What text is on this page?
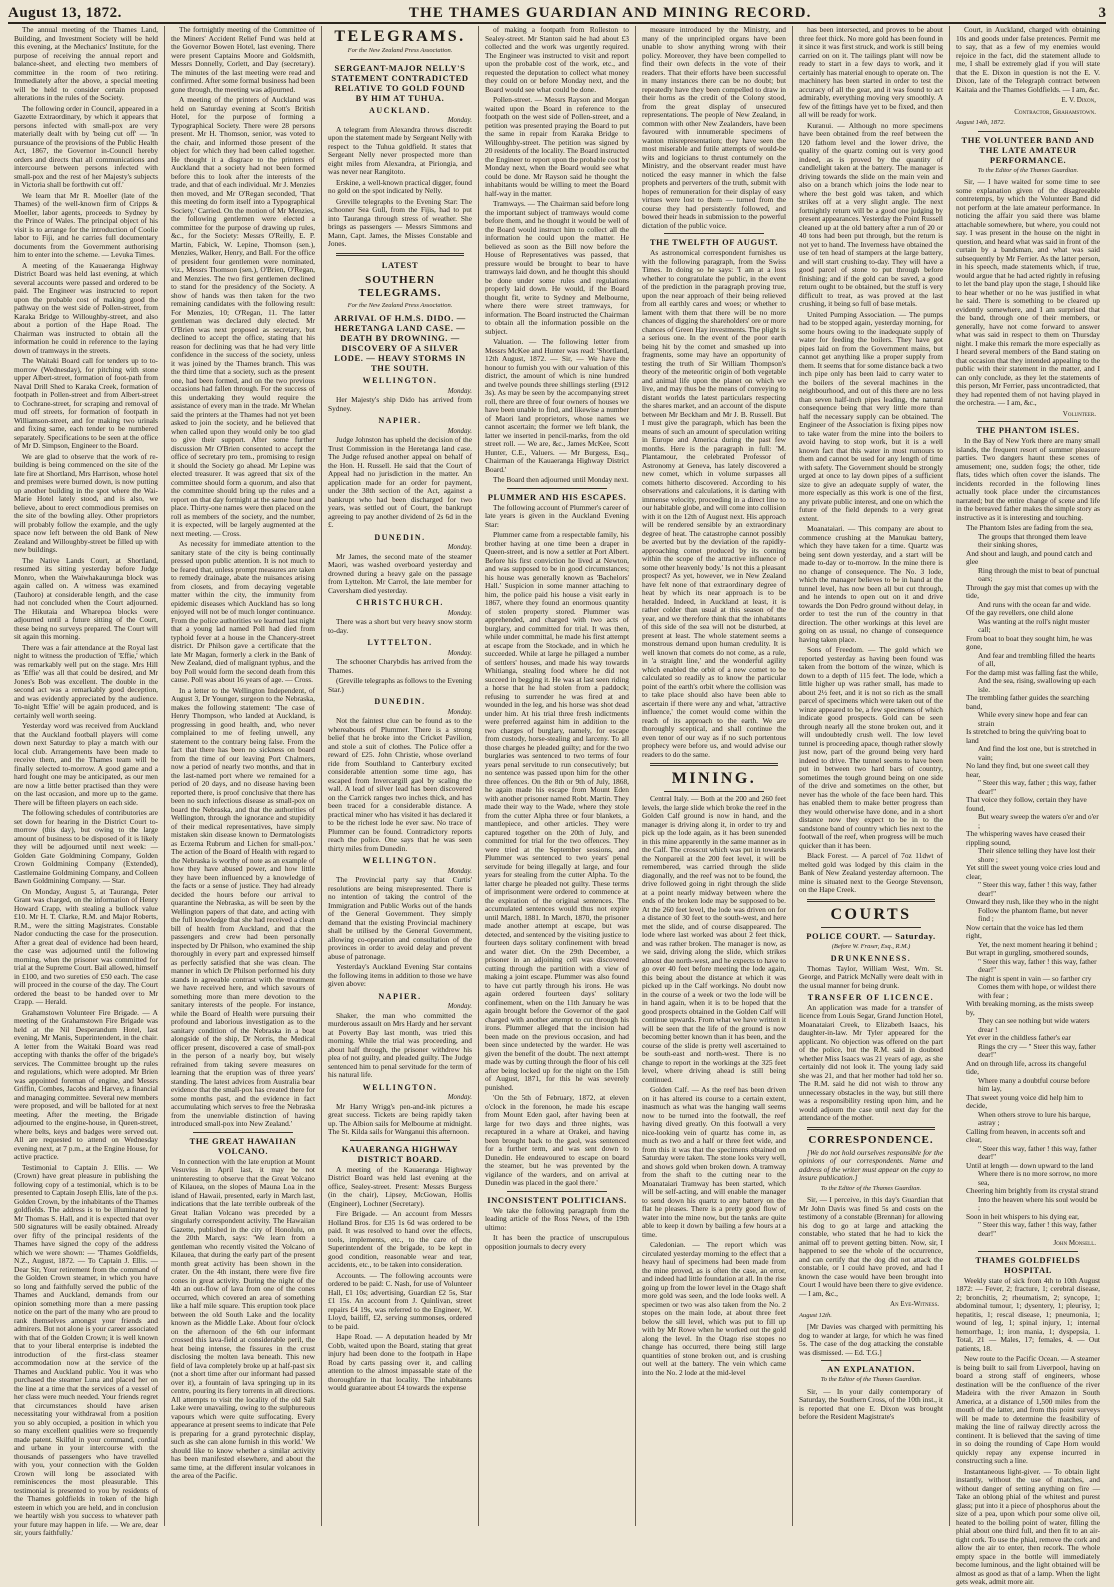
August 13, 1872.	THE THAMES GUARDIAN AND MINING RECORD.	3

The annual meeting of the Thames Land, Building, and Investment Society will be held this evening, at the Mechanics' Institute, for the purpose of receiving the annual report and balance-sheet, and electing two members of committee in the room of two retiring. Immediately after the above, a special meeting will be held to consider certain proposed alterations in the rules of the Society.

The following order in Council, appeared in a Gazette Extraordinary, by which it appears that persons infected with small-pox are very materially dealt with by 'being cut off' — 'In pursuance of the provisions of the Public Health Act, 1867, the Governor in-Council hereby orders and directs that all communications and intercourse between persons infected with small-pox and the rest of her Majesty's subjects in Victoria shall be forthwith cut off.'

We learn that Mr R. Moeller (late of the Thames) of the well-known firm of Cripps & Moeller, labor agents, proceeds to Sydney by the Prince of Wales. The principal object of his visit is to arrange for the introduction of Coolie labor to Fiji, and he carries full documentary documents from the Government authorising him to enter into the scheme. — Levuka Times.

A meeting of the Kauaeranga Highway District Board was held last evening, at which several accounts were passed and ordered to be paid. The Engineer was instructed to report upon the probable cost of making good the pathway on the west side of Pollen-street, from Karaka Bridge to Willoughby-street, and also about a portion of the Hape Road. The Chairman was instructed to obtain all the information he could in reference to the laying down of tramways in the streets.

The Waitaki Board call for tenders up to to-morrow (Wednesday), for pitching with stone upper Albert-street, formation of foot-path from Naval Drill Shed to Karaka Creek, formation of footpath in Pollen-street and from Albert-street to Cochrane-street, for scraping and removal of mud off streets, for formation of footpath in Williamson-street, and for making two urinals and fixing same, each tender to be numbered separately. Specifications to be seen at the office of Mr D. Simpson, Engineer to the Board.

We are glad to observe that the work of re-building is being commenced on the site of the late fire at Shortland, Mrs Harrison, whose hotel and premises were burned down, is now putting up another building in the spot where the Wai-Marie Hotel lately stood, and is also, we believe, about to erect commodious premises on the site of the bowling alley. Other proprietors will probably follow the example, and the ugly space now left between the old Bank of New Zealand and Willoughby-street be filled up with new buildings.

The Native Lands Court, at Shortland, resumed its sitting yesterday before Judge Monro, when the Waiwhakaurunga block was again called on. A witness was examined (Tauhoro) at considerable length, and the case had not concluded when the Court adjourned. The Hikutaia and Wharepoa blocks were adjourned until a future sitting of the Court, these being no surveys prepared. The Court will sit again this morning.

There was a fair attendance at the Royal last night to witness the production of 'Effie,' which was remarkably well put on the stage. Mrs Hill as 'Effie' was all that could be desired, and Mr Jones's Bob was excellent. The double in the second act was a remarkably good deception, and was evidently appreciated by the audience. To-night 'Effie' will be again produced, and is certainly well worth seeing.

Yesterday word was received from Auckland that the Auckland football players will come down next Saturday to play a match with our local club. Arrangements have been made to receive them, and the Thames team will be finally selected to-morrow. A good game and a hard fought one may be anticipated, as our men are now a little better practised than they were on the last occasion, and more up to the game. There will be fifteen players on each side.

The following schedules of contributories are set down for hearing in the District Court to-morrow (this day), but owing to the large amount of business to be disposed of it is likely they will be adjourned until next week: — Golden Gate Goldmining Company, Golden Crown Goldmining Company (Extended), Castlemaine Goldmining Company, and Colleen Bawn Goldmining Company. — Star.

On Monday, August 5, at Tauranga, Peter Grant was charged, on the information of Henry Howard Crapp, with stealing a bullock value £10. Mr H. T. Clarke, R.M. and Major Roberts, R.M., were the sitting Magistrates. Constable Nador conducting the case for the prosecution. After a great deal of evidence had been heard, the case was adjourned until the following morning, when the prisoner was committed for trial at the Supreme Court. Bail allowed, himself in £100, and two sureties of £50 each. The case will proceed in the course of the day. The Court ordered the beast to be handed over to Mr Crapp. — Herald.

Grahamstown Volunteer Fire Brigade. — A meeting of the Grahamstown Fire Brigade was held at the Nil Desperandum Hotel, last evening, Mr Manis, Superintendent, in the chair. A letter from the Waitaki Board was read accepting with thanks the offer of the brigade's services. The Committee brought up the rules and regulations, which were adopted. Mr Brien was appointed foreman of engine, and Messrs Griffin, Combes, Jacobs and Harvey, a financial and managing committee. Several new members were proposed, and will be balloted for at next meeting. After the meeting, the Brigade adjourned to the engine-house, in Queen-street, where belts, keys and badges were served out. All are requested to attend on Wednesday evening next, at 7 p.m., at the Engine House, for active practice.

Testimonial to Captain J. Ellis. — We (Crown) have great pleasure in publishing the following copy of a testimonial, which is to be presented to Captain Joseph Ellis, late of the p.s. Golden Crown, by the inhabitants of the Thames goldfields. The address is to be illuminated by Mr Thomas S. Hall, and it is expected that over 500 signatures will be easily obtained. Already over fifty of the principal residents of the Thames have signed the copy of the address which we were shown: — 'Thames Goldfields, N.Z., August, 1872. — To Captain J. Ellis. — Dear Sir, Your retirement from the command of the Golden Crown steamer, in which you have so long and faithfully served the public of the Thames and Auckland, demands from our opinion something more than a mere passing notice on the part of the many who are proud to rank themselves amongst your friends and admirers. But not alone is your career associated with that of the Golden Crown; it is well known that to your liberal enterprise is indebted the introduction of the first-class steamer accommodation now at the service of the Thames and Auckland public. You it was who purchased the steamer Luna and placed her on the line at a time that the services of a vessel of her class were much needed. Your friends regret that circumstances should have arisen necessitating your withdrawal from a position you so ably occupied, a position in which you so many excellent qualities were so frequently made patent. Skilful in your command, cordial and urbane in your intercourse with the thousands of passengers who have travelled with you, your connection with the Golden Crown will long be associated with reminiscences the most pleasurable. This testimonial is presented to you by residents of the Thames goldfields in token of the high esteem in which you are held, and in conclusion we heartily wish you success to whatever path your future may happen in life. — We are, dear sir, yours faithfully.'

The fortnightly meeting of the Committee of the Miners' Accident Relief Fund was held at the Governor Bowen Hotel, last evening. There were present Captains Moore and Goldsmith, Messrs Donnelly, Corlett, and Day (secretary). The minutes of the last meeting were read and confirmed. After some formal business had been gone through, the meeting was adjourned.

A meeting of the printers of Auckland was held on Saturday evening at Scott's British Hotel, for the purpose of forming a Typographical Society. There were 28 persons present. Mr H. Thomson, senior, was voted to the chair, and informed those present of the object for which they had been called together. He thought it a disgrace to the printers of Auckland that a society had not been formed before this to look after the interests of the trade, and that of each individual. Mr J. Menzies then moved, and Mr O'Regan seconded, 'That this meeting do form itself into a Typographical Society.' Carried. On the motion of Mr Menzies, the following gentlemen were elected a committee for the purpose of drawing up rules, &c., for the Society: Messrs O'Reilly, E. P. Martin, Fabick, W. Lepine, Thomson (sen.), Menzies, Walker, Henry, and Ball. For the office of president four gentlemen were nominated, viz., Messrs Thomson (sen.), O'Brien, O'Regan, and Menzies. The two first gentlemen declined to stand for the presidency of the Society. A show of hands was then taken for the two remaining candidates with the following result: For Menzies, 10; O'Regan, 11. The latter gentleman was declared duly elected. Mr O'Brien was next proposed as secretary, but declined to accept the office, stating that his reason for declining was that he had very little confidence in the success of the society, unless it was joined by the Thames branch. This was the third time that a society, such as the present one, had been formed, and on the two previous occasions had fallen through. For the success of this undertaking they would require the assistance of every man in the trade. Mr Whelan said the printers at the Thames had not yet been asked to join the society, and he believed that when called upon they would only be too glad to give their support. After some further discussion Mr O'Brien consented to accept the office of secretary pro tem., promising to resign it should the Society go ahead. Mr Lepine was elected treasurer. It was agreed that six of the committee should form a quorum, and also that the committee should bring up the rules and a report on that day fortnight at the same hour and place. Thirty-one names were then placed on the roll as members of the society, and the number, it is expected, will be largely augmented at the next meeting. — Cross.

As necessity for immediate attention to the sanitary state of the city is being continually pressed upon public attention. It is not much to be feared that, unless prompt measures are taken to remedy drainage, abate the nuisances arising from closets, and from decaying vegetable matter within the city, the immunity from epidemic diseases which Auckland has so long enjoyed will not be of much longer continuance. From the police authorities we learned last night that a young lad named Poll had died from typhoid fever at a house in the Chancery-street district. Dr Philson gave a certificate that the late Mr Magan, formerly a clerk in the Bank of New Zealand, died of malignant typhus, and the boy Poll would form the second death from this cause. Poll was about 16 years of age. — Cross.

In a letter to the Wellington Independent, of August 3, Dr Younger, surgeon to the Nebraska, makes the following statement: 'The case of Henry Thompson, who landed at Auckland, is progressing in good health, and, who never complained to me of feeling unwell, any statement to the contrary being false. From the fact that there has been no sickness on board from the time of our leaving Port Chalmers, now a period of nearly two months, and that in the last-named port where we remained for a period of 20 days, and no disease having been reported there, is proof conclusive that there has been no such infectious disease as small-pox on board the Nebraska, and that the authorities of Wellington, through the ignorance and stupidity of their medical representatives, have simply mistaken skin disease known to Dermatologists as Eczema Rubrum and Lichen for small-pox.' The action of the Board of Health with regard to the Nebraska is worthy of note as an example of how they have abused power, and how little they have been influenced by a knowledge of the facts or a sense of justice. They had already decided the hours before our arrival to quarantine the Nebraska, as will be seen by the Wellington papers of that date, and acting with the full knowledge that she had received a clean bill of health from Auckland, and that the passengers and crew had been personally inspected by Dr Philson, who examined the ship thoroughly in every part and expressed himself as perfectly satisfied that she was clean. The manner in which Dr Philson performed his duty stands in agreeable contrast with the treatment we have received here, and which savours of something more than mere devotion to the sanitary interests of the people. For instance, while the Board of Health were pursuing their profound and laborious investigation as to the sanitary condition of the Nebraska in a boat alongside of the ship, Dr Norris, the Medical officer present, discovered a case of small-pox in the person of a nearly boy, but wisely refrained from taking severe measures on learning that the eruption was of three years' standing. The latest advices from Australia bear evidence that the small-pox has created there for some months past, and the evidence in fact accumulating which serves to free the Nebraska from the unenviable distinction of having introduced small-pox into New Zealand.'

THE GREAT HAWAIIAN VOLCANO.

In connection with the late eruption at Mount Vesuvius in April last, it may be not uninteresting to observe that the Great Volcano of Kilauea, on the slopes of Mauna Loa in the island of Hawaii, presented, early in March last, indications that the late terrible outbreak of the Great Italian Volcano was preceded by a singularly correspondent activity. The Hawaiian Gazette, published in the city of Honolulu, on the 20th March, says: 'We learn from a gentleman who recently visited the Volcano of Kilauea, that during the early part of the present month great activity has been shown in the crater. On the 4th instant, there were five fire cones in great activity. During the night of the 4th an out-flow of lava from one of the cones occurred, which covered an area of something like a half mile square. This eruption took place between the old South Lake and the locality known as the Middle Lake. About four o'clock on the afternoon of the 6th our informant crossed this lava-field at considerable peril, the heat being intense, the fissures in the crust disclosing the molten lava beneath. This new field of lava completely broke up at half-past six (not a short time after our informant had passed over it), a fountain of lava springing up in its centre, pouring its fiery torrents in all directions. All attempts to visit the locality of the old Salt Lake were unavailing, owing to the sulphureous vapours which were quite suffocating. Every appearance at present seems to indicate that Pele is preparing for a grand pyrotechnic display, such as she can alone furnish in this world.' We should like to know whether a similar activity has been manifested elsewhere, and about the same time, at the different insular volcanoes in the area of the Pacific.

TELEGRAMS.
For the New Zealand Press Association.
SERGEANT-MAJOR NELLY'S STATEMENT CONTRADICTED RELATIVE TO GOLD FOUND BY HIM AT TUHUA.
AUCKLAND.
Monday.

A telegram from Alexandra throws discredit upon the statement made by Sergeant Nelly with respect to the Tuhua goldfield. It states that Sergeant Nelly never prospected more than eight miles from Alexandra, at Piriongia, and was never near Rangitoto.

Erskine, a well-known practical digger, found no gold on the spot indicated by Nelly.

Greville telegraphs to the Evening Star: The schooner Sea Gull, from the Fijis, had to put into Tauranga through stress of weather. She brings as passengers — Messrs Simmons and Mann, Capt. James, the Misses Constable and Jones.

LATEST
SOUTHERN TELEGRAMS.
For the New Zealand Press Association.
ARRIVAL OF H.M.S. DIDO. — HERETANGA LAND CASE. — DEATH BY DROWNING. — DISCOVERY OF A SILVER LODE. — HEAVY STORMS IN THE SOUTH.
WELLINGTON.
Monday.

Her Majesty's ship Dido has arrived from Sydney.

NAPIER.
Monday.

Judge Johnston has upheld the decision of the Trust Commission in the Heretanga land case. The Judge refused another appeal on behalf of the Hon. H. Russell. He said that the Court of Appeal had no jurisdiction in the matter. An application made for an order for payment, under the 38th section of the Act, against a bankrupt who had been discharged for two years, was settled out of Court, the bankrupt agreeing to pay another dividend of 2s 6d in the £.

DUNEDIN.
Monday.

Mr James, the second mate of the steamer Maori, was washed overboard yesterday and drowned during a heavy gale on the passage from Lyttelton. Mr Carrol, the late member for Caversham died yesterday.

CHRISTCHURCH.
Monday.

There was a short but very heavy snow storm to-day.

LYTTELTON.
Monday.

The schooner Charybdis has arrived from the Thames.

(Greville telegraphs as follows to the Evening Star.)

DUNEDIN.
Monday.

Not the faintest clue can be found as to the whereabouts of Plummer. There is a strong belief that he broke into the Cricket Pavilion, and stole a suit of clothes. The Police offer a reward of £25. John Christie, whose overland ride from Southland to Canterbury excited considerable attention some time ago, has escaped from Invercargill gaol by scaling the wall. A lead of silver lead has been discovered on the Carrick ranges two inches thick, and has been traced for a considerable distance. A practical miner who has visited it has declared it to be the richest lode he ever saw. No trace of Plummer can be found. Contradictory reports reach the police. One says that he was seen thirty miles from Dunedin.

WELLINGTON.
Monday.

The Provincial party say that Curtis' resolutions are being misrepresented. There is no intention of taking the control of the Immigration and Public Works out of the hands of the General Government. They simply demand that the existing Provincial machinery shall be utilised by the General Government, allowing co-operation and consultation of the provinces in order to avoid delay and prevent abuse of patronage.

Yesterday's Auckland Evening Star contains the following items in addition to those we have given above:

NAPIER.
Monday.

Shaker, the man who committed the murderous assault on Mrs Hardy and her servant at Poverty Bay last month, was tried this morning. While the trial was proceeding, and about half through, the prisoner withdrew his plea of not guilty, and pleaded guilty. The Judge sentenced him to penal servitude for the term of his natural life.

WELLINGTON.
Monday.

Mr Harry Wrigg's pen-and-ink pictures a great success. Tickets are being rapidly taken up. The Albion sails for Melbourne at midnight. The St. Kilda sails for Wanganui this afternoon.

KAUAERANGA HIGHWAY DISTRICT BOARD.

A meeting of the Kauaeranga Highway District Board was held last evening at the office, Sealey-street. Present: Messrs Burgess (in the chair), Lipsey, McGowan, Hollis (Engineer), Lochner (Secretary).

Fire Brigade. — An account from Messrs Holland Bros. for £35 1s 6d was ordered to be paid. It was resolved to hand over the effects, tools, implements, etc., to the care of the Superintendent of the brigade, to be kept in good condition, reasonable wear and tear, accidents, etc., to be taken into consideration.

Accounts. — The following accounts were ordered to be paid: C. Nash, for use of Volunteer Hall, £1 10s; advertising, Guardian £2 5s, Star £1 15s. An account from J. Quinlivan, street repairs £4 19s, was referred to the Engineer, W. Lloyd, bailiff, £2, serving summonses, ordered to be paid.

Hape Road. — A deputation headed by Mr Cobb, waited upon the Board, stating that great injury had been done to the footpath in Hape Road by carts passing over it, and calling attention to the almost impassable state of the thoroughfare in that locality. The inhabitants would guarantee about £4 towards the expense

of making a footpath from Rolleston to Sealey-street. Mr Stanton said he had about £3 collected and the work was urgently required. The Engineer was instructed to visit and report upon the probable cost of the work, etc., and requested the deputation to collect what money they could on or before Monday next, and the Board would see what could be done.

Pollen-street. — Messrs Rayson and Morgan waited upon the Board in reference to the footpath on the west side of Pollen-street, and a petition was presented praying the Board to put the same in repair from Karaka Bridge to Willoughby-street. The petition was signed by 20 residents of the locality. The Board instructed the Engineer to report upon the probable cost by Monday next, when the Board would see what could be done. Mr Rayson said he thought the inhabitants would be willing to meet the Board half-way in the matter.

Tramways. — The Chairman said before long the important subject of tramways would come before them, and he thought it would be well of the Board would instruct him to collect all the information he could upon the matter. He believed as soon as the Bill now before the House of Representatives was passed, that pressure would be brought to bear to have tramways laid down, and he thought this should be done under some rules and regulations properly laid down. He would, if the Board thought fit, write to Sydney and Melbourne, where there were street tramways, for information. The Board instructed the Chairman to obtain all the information possible on the subject.

Valuation. — The following letter from Messrs McKee and Hunter was read: 'Shortland, 12th August, 1872. — Sir, — We have the honour to furnish you with our valuation of this district, the amount of which is nine hundred and twelve pounds three shillings sterling (£912 3s). As may be seen by the accompanying street roll, there are three of four owners of houses we have been unable to find, and likewise a number of Maori land proprietors, whose names we cannot ascertain; the former we left blank, the latter we inserted in pencil-marks, from the old street roll. — We are, &c., James McKee, Scott Hunter, C.E., Valuers. — Mr Burgess, Esq., Chairman of the Kauaeranga Highway District Board.'

The Board then adjourned until Monday next.

PLUMMER AND HIS ESCAPES.

The following account of Plummer's career of late years is given in the Auckland Evening Star:

Plummer came from a respectable family, his brother having at one time been a draper in Queen-street, and is now a settler at Port Albert. Before his first conviction he lived at Newton, and was supposed to be in good circumstances; his house was generally known as 'Bachelors' Hall.' Suspicion in some manner attaching to him, the police paid his house a visit early in 1867, where they found an enormous quantity of stolen property stored. Plummer was apprehended, and charged with two acts of burglary, and committed for trial. It was then, while under committal, he made his first attempt at escape from the Stockade, and in which he succeeded. While at large he pillaged a number of settlers' houses, and made his way towards Whitianga, stealing food where he did not succeed in begging it. He was at last seen riding a horse that he had stolen from a paddock; refusing to surrender he was fired at and wounded in the leg, and his horse was shot dead under him. At his trial three fresh indictments were preferred against him in addition to the two charges of burglary, namely, for escape from custody, horse-stealing and larceny. To all those charges he pleaded guilty; and for the two burglaries was sentenced to two terms of four years penal servitude to run consecutively; but no sentence was passed upon him for the other three offences. On the 8th or 9th of July, 1868, he again made his escape from Mount Eden with another prisoner named Robt. Martin. They made their way to the Wade, where they stole from the cutter Alpha three or four blankets, a mantlepiece, and other articles. They were captured together on the 20th of July, and committed for trial for the two offences. They were tried at the September sessions, and Plummer was sentenced to two years' penal servitude for being illegally at large, and four years for stealing from the cutter Alpha. To the latter charge he pleaded not guilty. These terms of imprisonment were ordered to commence at the expiration of the original sentences. The accumulated sentences would thus not expire until March, 1881. In March, 1870, the prisoner made another attempt at escape, but was detected, and sentenced by the visiting justice to fourteen days solitary confinement with bread and water diet. On the 29th December, a prisoner in an adjoining cell was discovered cutting through the partition with a view of making a joint escape. Plummer was also found to have cut partly through his irons. He was again ordered fourteen days' solitary confinement, when on the 11th January he was again brought before the Governor of the gaol charged with another attempt to cut through his irons. Plummer alleged that the incision had been made on the previous occasion, and had been since undetected by the warder. He was given the benefit of the doubt. The next attempt made was by cutting through the floor of his cell after being locked up for the night on the 15th of August, 1871, for this he was severely punished.

'On the 5th of February, 1872, at eleven o'clock in the forenoon, he made his escape from Mount Eden gaol, after having been at large for two days and three nights, was recaptured in a whare at Orakei, and having been brought back to the gaol, was sentenced for a further term, and was sent down to Dunedin. He endeavoured to escape on board the steamer, but he was prevented by the vigilance of the warders, and on arrival at Dunedin was placed in the gaol there.'

INCONSISTENT POLITICIANS.

We take the following paragraph from the leading article of the Ross News, of the 19th ultimo:

It has been the practice of unscrupulous opposition journals to decry every

measure introduced by the Ministry, and many of the unprincipled organs have been unable to show anything wrong with their policy. Moreover, they have been compelled to find their own defects in the vote of their readers. That their efforts have been successful in many instances there can be no doubt; but repeatedly have they been compelled to draw in their horns as the credit of the Colony stood, from the great display of unsecured representations. The people of New Zealand, in common with other New Zealanders, have been favoured with innumerable specimens of wanton misrepresentation; they have seen the most miserable and futile attempts of would-be wits and logicians to thrust contumely on the Ministry, and the observant reader must have noticed the easy manner in which the false prophets and perverters of the truth, submit with hopes of remuneration for their display of easy virtues were lost to them — turned from the course they had persistently followed, and bowed their heads in submission to the powerful dictation of the public voice.

THE TWELFTH OF AUGUST.

As astronomical correspondent furnishes us with the following paragraph, from the Swiss Times. In doing so he says: 'I am at a loss whether to congratulate the public, in the event of the prediction in the paragraph proving true, upon the near approach of their being relieved from all earthly cares and woes; or whether to lament with them that there will be no more chances of digging the shareholders' ore or more chances of Green Hay investments. The plight is a serious one. In the event of the poor earth being hit by the comet and smashed up into fragments, some may have an opportunity of testing the truth of Sir William Thompson's theory of the meteoritic origin of both vegetable and animal life upon the planet on which we live, and may thus be the means of conveying to distant worlds the latest particulars respecting the shares market, and an account of the dispute between Mr Beckham and Mr J. B. Russell. But I must give the paragraph, which has been the means of such an amount of speculation writing in Europe and America during the past few months. Here is the paragraph in full: 'M. Plantamour, the celebrated Professor of Astronomy at Geneva, has lately discovered a new comet, which in volume surpasses all comets hitherto discovered. According to his observations and calculations, it is darting with immense velocity, proceeding in a direct line to our habitable globe, and will come into collision with it on the 12th of August next. His approach will be rendered sensible by an extraordinary degree of heat. The catastrophe cannot possibly be averted but by the deviation of the rapidly-approaching comet produced by its coming within the scope of the attractive influence of some other heavenly body.' Is not this a pleasant prospect? As yet, however, we in New Zealand have felt none of that extraordinary degree of heat by which its near approach is to be heralded. Indeed, in Auckland at least, it is rather colder than usual at this season of the year, and we therefore think that the inhabitants of this side of the sea will not be disturbed, at present at least. The whole statement seems a monstrous demand upon human credulity. It is well known that comets do not come, as a rule, in 'a straight line,' and the wonderful agility which enabled the orbit of a new comet to be calculated so readily as to know the particular point of the earth's orbit where the collision was to take place should also have been able to ascertain if there were any and what, 'attractive influence,' the comet would come within the reach of its approach to the earth. We are thoroughly sceptical, and shall continue the even tenor of our way as if no such portentous prophecy were before us, and would advise our readers to do the same.

MINING.

Central Italy. — Both at the 200 and 260 feet levels, the large slide which broke the reef in the Golden Calf ground is now in hand, and the manager is driving along it, in order to try and pick up the lode again, as it has been sunended in this mine apparently in the same manner as in the Calf. The crosscut which was put in towards the Nonpareil at the 200 feet level, it will be remembered, was carried through the slide diagonally, and the reef was not to be found, the drive followed going in right through the slide at a point nearly midway between where the ends of the broken lode may be supposed to be. At the 260 feet level, the lode was driven on for a distance of 30 feet to the south-west, and here met the slide, and of course disappeared. The lode where last worked was about 2 feet thick, and was rather broken. The manager is now, as we said, driving along the slide, which strikes almost due north-west, and he expects to have to go over 40 feet before meeting the lode again, this being about the distance at which it was picked up in the Calf workings. No doubt now in the course of a week or two the lode will be in hand again, when it is to be hoped that the good prospects obtained in the Golden Calf will continue upwards. From what we have written it will be seen that the life of the ground is now becoming better known than it has been, and the course of the slide is pretty well ascertained to be south-east and north-west. There is no change to report in the workings at the 325 feet level, where driving ahead is still being continued.

Golden Calf. — As the reef has been driven on it has altered its course to a certain extent, inasmuch as what was the hanging wall seems now to be turned into the footwall, the reef having dived greatly. On this footwall a very nice-looking vein of quartz has come in, as much as two and a half or three feet wide, and from this it was that the specimens obtained on Saturday were taken. The stone looks very well, and shows gold when broken down. A tramway from the shaft to the cutting near to the Moanataiari Tramway has been started, which will be self-acting, and will enable the manager to send down his quartz to any battery on the flat he pleases. There is a pretty good flow of water into the mine now, but the tanks are quite able to keep it down by bailing a few hours at a time.

Caledonian. — The report which was circulated yesterday morning to the effect that a heavy haul of specimens had been made from the mine proved, as is often the case, an error, and indeed had little foundation at all. In the rise going up from the lower level in the Otago shaft more gold was seen, and the lode looks well. A specimen or two was also taken from the No. 2 stopes on the main lode, at about three feet below the sill level, which was put to fill up with by Mr Rowe when he worked out the gold along the level. In the Otago rise stopes no change has occurred, there being still large quantities of stone broken out, and is crushing out well at the battery. The vein which came into the No. 2 lode at the mid-level

has been intersected, and proves to be about three feet thick. No more gold has been found in it since it was first struck, and work is still being carried on on it. The tailings plant will now be ready to start in a few days to work, and it certainly has material enough to operate on. The machinery has been started in order to test the accuracy of all the gear, and it was found to act admirably, everything moving very smoothly. A few of the fittings have yet to be fixed, and then all will be ready for work.

Kuranui. — Although no more specimens have been obtained from the reef between the 120 fathom level and the lower drive, the quality of the quartz coming out is very good indeed, as is proved by the quantity of candlelight taken at the battery. The manager is driving towards the slide on the main vein and also on a branch which joins the lode near to where the best gold was taken, and which strikes off at a very slight angle. The next fortnightly return will be a good one judging by present appearances. Yesterday the Point Russell cleaned up at the old battery after a run of 20 or 40 tons had been put through, but the return is not yet to hand. The Inverness have obtained the use of ten head of stampers at the large battery, and will start crushing to-day. They will have a good parcel of stone to put through before finishing; and if the gold can be saved, a good return ought to be obtained, but the stuff is very difficult to treat, as was proved at the last crushing, it being so full of base metals.

United Pumping Association. — The pumps had to be stopped again, yesterday morning, for some hours owing to the inadequate supply of water for feeding the boilers. They have got pipes laid on from the Government mains, but cannot get anything like a proper supply from them. It seems that for some distance back a two inch pipe only has been laid to carry water to the boilers of the several machines in the neighbourhood, and out of this there are no less than seven half-inch pipes leading, the natural consequence being that very little more than half the necessary supply can be obtained. The Engineer of the Association is fixing pipes now to take water from the mine into the boilers to avoid having to stop work, but it is a well known fact that this water in most rumours to them and cannot be used for any length of time with safety. The Government should be strongly urged at once to lay down pipes of a sufficient size to give an adequate supply of water, the more especially as this work is one of the first, any private public interest, and one on which the future of the field depends to a very great extent.

Moanataiari. — This company are about to commence crushing at the Manukau battery, which they have taken for a time. Quartz was being sent down yesterday, and a start will be made to-day or to-morrow. In the mine there is no change of consequence. The No. 3 lode, which the manager believes to be in hand at the tunnel level, has now been all but cut through, and he intends to open out on it and drive towards the Don Pedro ground without delay, in order to test the run of the country in that direction. The other workings at this level are going on as usual, no change of consequence having taken place.

Sons of Freedom. — The gold which we reported yesterday as having been found was taken from the bottom of the winze, which is down to a depth of 115 feet. The lode, which a little higher up was rather small, has made to about 2½ feet, and it is not so rich as the small parcel of specimens which were taken out of the winze appeared to be, a few specimens of which indicate good prospects. Gold can be seen through nearly all the stone broken out, and it will undoubtedly crush well. The low level tunnel is proceeding apace, though rather slowly just now, part of the ground being very hard indeed to drive. The tunnel seems to have been put in between two hard bars of country, sometimes the tough ground being on one side of the drive and sometimes on the other, but never has the whole of the face been hard. This has enabled them to make better progress than they would otherwise have done, and in a short distance now they expect to be in to the sandstone band of country which lies next to the footwall of the reef, when progress will be much quicker than it has been.

Black Forest. — A parcel of 7oz 11dwt of melted gold was lodged by this claim in the Bank of New Zealand yesterday afternoon. The mine is situated next to the George Stevenson, on the Hape Creek.

COURTS
POLICE COURT. — Saturday.
(Before W. Fraser, Esq., R.M.)
DRUNKENNESS.

Thomas Taylor, William West, Wm. St. George, and Patrick McNally were dealt with in the usual manner for being drunk.

TRANSFER OF LICENCE.

An application was made for a transfer of licence from Louis Segar, Grand Junction Hotel, Moanataiari Creek, to Elizabeth Isaacs, his daughter-in-law. Mr Tyler appeared for the applicant. No objection was offered on the part of the police, but the R.M. said in doubted whether Miss Isaacs was 21 years of age, as she certainly did not look it. The young lady said she was 21, and that her mother had told her so. The R.M. said he did not wish to throw any unnecessary obstacles in the way, but still there was a responsibility resting upon him, and he would adjourn the case until next day for the attendance of the mother.

CORRESPONDENCE.

[We do not hold ourselves responsible for the opinions of our correspondents. Name and address of the writer must appear on the copy to insure publication.]

To the Editor of the Thames Guardian.

Sir, — I perceive, in this day's Guardian that Mr John Davis was fined 5s and costs on the testimony of a constable (Brennan) for allowing his dog to go at large and attacking the constable, who stated that he had to kick the animal off to prevent getting bitten. Now, sir, I happened to see the whole of the occurrence, and can certify that the dog did not attack the constable, or I could have proved, and had I known the case would have been brought into Court I would have been there to give evidence. — I am, &c.,

An Eye-Witness.
August 12th.

[Mr Davies was charged with permitting his dog to wander at large, for which he was fined 5s. The case of the dog attacking the constable was dismissed. — Ed. T.G.]

AN EXPLANATION.
To the Editor of the Thames Guardian.

Sir, — In your daily contemporary of Saturday, the Southern Cross, of the 10th inst., it is reported that one E. Dixon was brought before the Resident Magistrate's

Court, in Auckland, charged with obtaining 10s and goods under false pretences. Permit me to say, that as a few of my enemies would rejoice in the fact, did the statement allude to me, I shall be extremely glad if you will state that the E. Dixon in question is not the E. V. Dixon, late of the Telegraph contract between Kaitaia and the Thames Goldfields. — I am, &c.

E. V. Dixon,
Contractor, Grahamstown.
August 14th, 1872.
THE VOLUNTEER BAND AND THE LATE AMATEUR PERFORMANCE.
To the Editor of the Thames Guardian.

Sir, — I have waited for some time to see some explanation given of the disagreeable contretemps, by which the Volunteer Band did not perform at the late amateur performance. In noticing the affair you said there was blame attachable somewhere, but where, you could not say. I was present in the house on the night in question, and heard what was said in front of the curtain by a bandsman, and what was said subsequently by Mr Ferrier. As the latter person, in his speech, made statements which, if true, would argue that he had acted rightly in refusing to let the band play upon the stage, I should like to hear whether or no he was justified in what he said. There is something to be cleared up evidently somewhere, and I am surprised that the band, through one of their members, or generally, have not come forward to answer what was said in respect to them on Thursday night. I make this remark the more especially as I heard several members of the Band stating on that occasion that they intended appealing to the public with their statement in the matter, and I can only conclude, as they let the statements of this person, Mr Ferrier, pass uncontradicted, that they had repented them of not having played in the orchestra. — I am, &c.,

Volunteer.
THE PHANTOM ISLES.

In the Bay of New York there are many small islands, the frequent resort of summer pleasure parties. Two dangers haunt these scenes of amusement; one, sudden fogs; the other, tide flats, tides which often cover the islands. The incidents recorded in the following lines actually took place under the circumstances narrated; but the entire change of scene and life in the bereaved father makes the simple story as instructive as it is interesting and touching.

The Phantom Isles are fading from the sea,
The groups that thronged them leave their sinking shores,
And shout and laugh, and pound catch and glee
Ring through the mist to beat of punctual oars;
Through the gay mist that comes up with the tide,
And runs with the ocean far and wide.
Of the gay revellers, one child alone
Was wanting at the roll's night muster call;
From boat to boat they sought him, he was gone,
And fear and trembling filled the hearts of all,
For the damp mist was falling fast the while,
And the sea, rising, swallowing up each isle.
The trembling father guides the searching band,
While every sinew hope and fear can strain
Is stretched to bring the quiv'ring boat to land
And find the lost one, but is stretched in vain;
No land they find, but one sweet call they hear,
" Steer this way, father ; this way, father dear!"
That voice they follow, certain they have found,
But weary sweep the waters o'er and o'er ;
The whispering waves have ceased their rippling sound,
Their silence telling they have lost their shore ;
Yet still the sweet young voice cries loud and clear,
" Steer this way, father ! this way, father dear!"
Onward they rush, like they who in the night
Follow the phantom flame, but never find ;
Now certain that the voice has led them right,
Yet, the next moment hearing it behind ;
But wrapt in gurgling, smothered sounds,
" Steer this way, father ! this way, father dear!"
The night is spent in vain — so farther cry
Comes them with hope, or wildest there with fear ;
With breaking morning, as the mists sweep by,
They can see nothing but wide waters drear !
Yet ever in the childless father's ear
Rings the cry — " Steer this way, father dear!"
And on through life, across its changeful tide,
Where many a doubtful course before him lay,
That sweet young voice did help him to decide,
When others strove to lure his barque, astray ;
Calling from heaven, in accents soft and clear,
" Steer this way, father ! this way, father dear!"
Until at length — down upward to the land
Where there is no more sorrow, no more sea,
Cheering him brightly from its crystal strand
Into the heaven where his soul would be ;
Soon in heit whispers to his dying ear,
" Steer this way, father ! this way, father dear!"
John Monsell.
THAMES GOLDFIELDS HOSPITAL

Weekly state of sick from 4th to 10th August 1872: — Fever, 2; fracture, 1; cerebral disease, 2; bronchitis, 2; rheumatism, 2; syncope, 1; abdominal tumour, 1; dysentery, 1; pleurisy, 1; hepatitis, 1; rescal disease, 1; pneumonia, 1; wound of leg, 1; spinal injury, 1; internal hemorrhage, 1; iron mania, 1; dyspepsia, 1. Total, 21 — Males, 17; females, 4. — Out patients, 18.

New route to the Pacific Ocean. — A steamer is being built to sail from Liverpool, having on board a strong staff of engineers, whose destination will be the confluence of the river Madeira with the river Amazon in South America, at a distance of 1,500 miles from the mouth of the latter, and from this point surveys will be made to determine the feasibility of making the line of railway directly across the continent. It is believed that the saving of time in so doing the rounding of Cape Horn would quickly repay any expense incurred in constructing such a line.

Instantaneous light-giver. — To obtain light instantly, without the use of matches, and without danger of setting anything on fire — Take an oblong phial of the whitest and purest glass; put into it a piece of phosphorus about the size of a pea, upon which pour some olive oil, heated to the boiling point of water, filling the phial about one third full, and then fit to an air-tight cork. To use the phial, remove the cork and allow the air to enter, then recork. The whole empty space in the bottle will immediately become luminous, and the light obtained will be almost as good as that of a lamp. When the light gets weak, admit more air.
